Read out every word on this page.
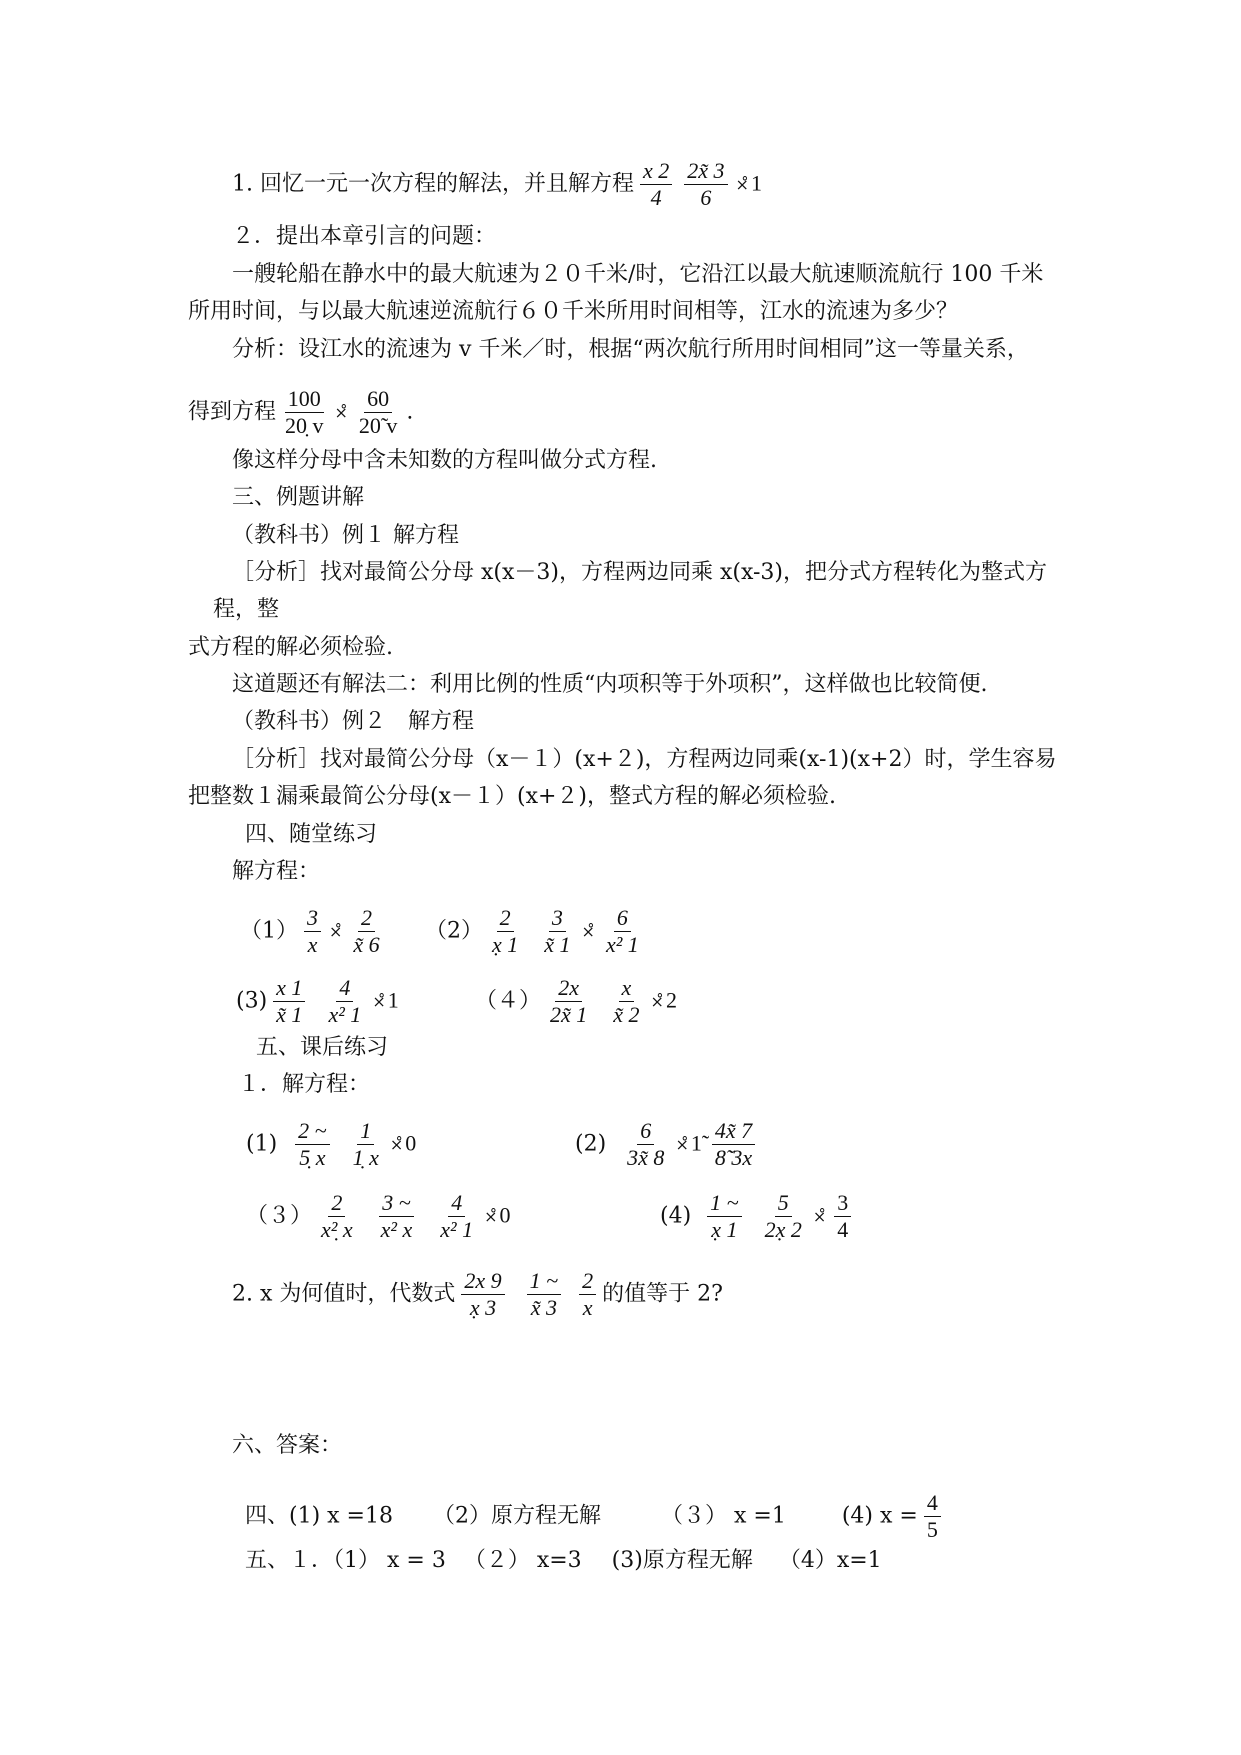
1. 回忆一元一次方程的解法，并且解方程 $\frac{x 2}{4} \frac{2x̃ 3}{6}$ ×̊1
２．提出本章引言的问题：
一艘轮船在静水中的最大航速为２０千米/时，它沿江以最大航速顺流航行 100 千米
所用时间，与以最大航速逆流航行６０千米所用时间相等，江水的流速为多少？
分析：设江水的流速为 v 千米／时，根据“两次航行所用时间相同”这一等量关系，
得到方程 $\frac{100}{20̣ v}$ ×̊ $\frac{60}{20̃ v}$ .
像这样分母中含未知数的方程叫做分式方程.
三、例题讲解
（教科书）例１ 解方程
［分析］找对最简公分母 x(x－3)，方程两边同乘 x(x-3)，把分式方程转化为整式方
程，整
式方程的解必须检验.
这道题还有解法二：利用比例的性质“内项积等于外项积”，这样做也比较简便.
（教科书）例２　解方程
［分析］找对最简公分母（x－１）(x+２)，方程两边同乘(x-1)(x+2）时，学生容易
把整数１漏乘最简公分母(x－１）(x+２)，整式方程的解必须检验.
四、随堂练习
解方程：
$(1) \frac{3}{x}$ ×̊ $\frac{2}{x̃ 6} (2) \frac{2}{x̣ 1} \frac{3}{x̃ 1}$ ×̊ $\frac{6}{\text{x² 1}}$
$(3) \frac{x 1}{x̃ 1} \frac{4}{\text{x² 1}}$ ×̊1	$(4) \frac{2x}{2x̃ 1} \frac{x}{x̃ 2}$ ×̊2
五、课后练习
１．解方程：
$(1) \frac{2 \sim}{5̣ x} \frac{1}{1̣ x}$ ×̊0	$(2) \frac{6}{3x̃ 8}$ ×̊1̃ $\frac{4x̃ 7}{8̃ 3x}$
$(3) \frac{2}{\text{x²̣ x}} \frac{3 \sim}{\text{x² x}} \frac{4}{\text{x² 1}}$ ×̊0	$(4) \frac{1 \sim}{x̣ 1} \frac{5}{2x̣ 2}$ ×̊ $\frac{3}{4}$
2. x 为何值时，代数式 $\frac{2x 9}{x̣ 3} \frac{1 \sim}{x̃ 3} \frac{2}{x}$ 的值等于 2?
六、答案：
四、(1) x =18 （2）原方程无解	（３） x =1	(4) $x = \frac{4}{5}$
五、１．（1） x = 3 （２） x=3 (3)原方程无解 （4）x=1
